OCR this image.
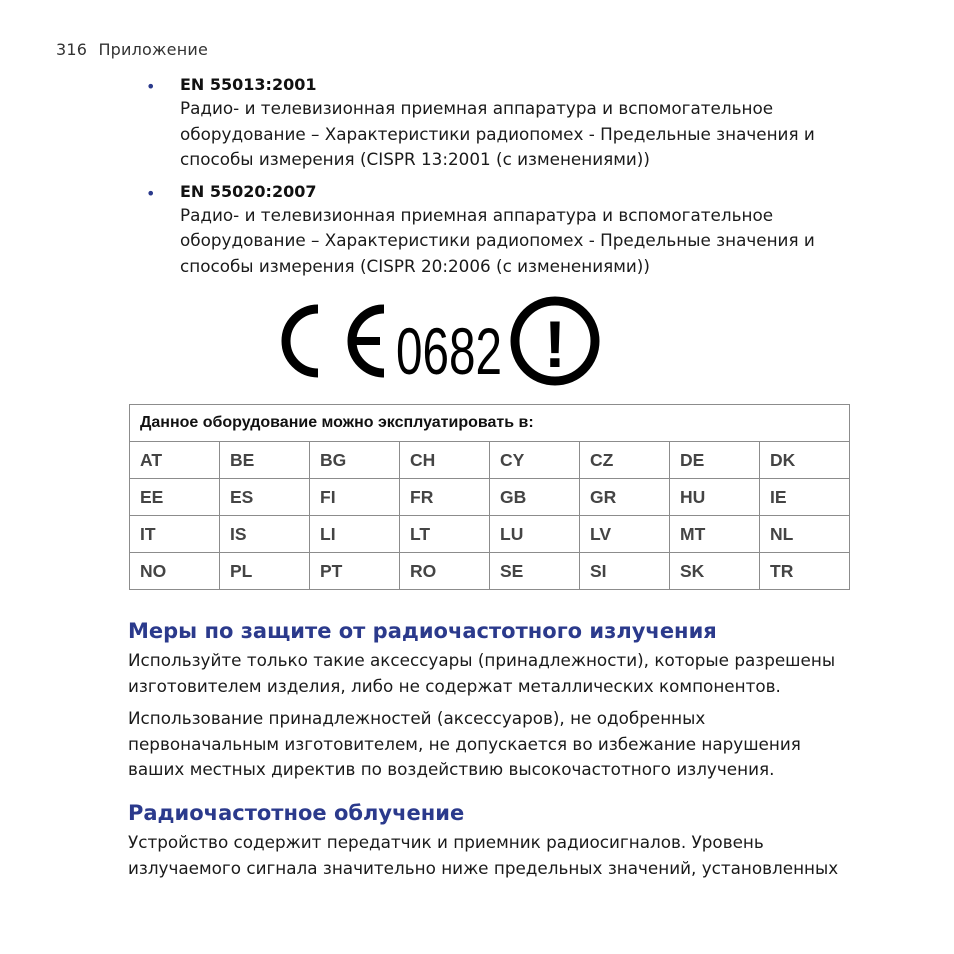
316 Приложение
• EN 55013:2001
Радио- и телевизионная приемная аппаратура и вспомогательное
оборудование – Характеристики радиопомех - Предельные значения и
способы измерения (CISPR 13:2001 (с изменениями))
• EN 55020:2007
Радио- и телевизионная приемная аппаратура и вспомогательное
оборудование – Характеристики радиопомех - Предельные значения и
способы измерения (CISPR 20:2006 (с изменениями))
0682 !
Данное оборудование можно эксплуатировать в:							
AT	BE	BG	CH	CY	CZ	DE	DK
EE	ES	FI	FR	GB	GR	HU	IE
IT	IS	LI	LT	LU	LV	MT	NL
NO	PL	PT	RO	SE	SI	SK	TR
Меры по защите от радиочастотного излучения
Используйте только такие аксессуары (принадлежности), которые разрешены
изготовителем изделия, либо не содержат металлических компонентов.
Использование принадлежностей (аксессуаров), не одобренных
первоначальным изготовителем, не допускается во избежание нарушения
ваших местных директив по воздействию высокочастотного излучения.
Радиочастотное облучение
Устройство содержит передатчик и приемник радиосигналов. Уровень
излучаемого сигнала значительно ниже предельных значений, установленных
